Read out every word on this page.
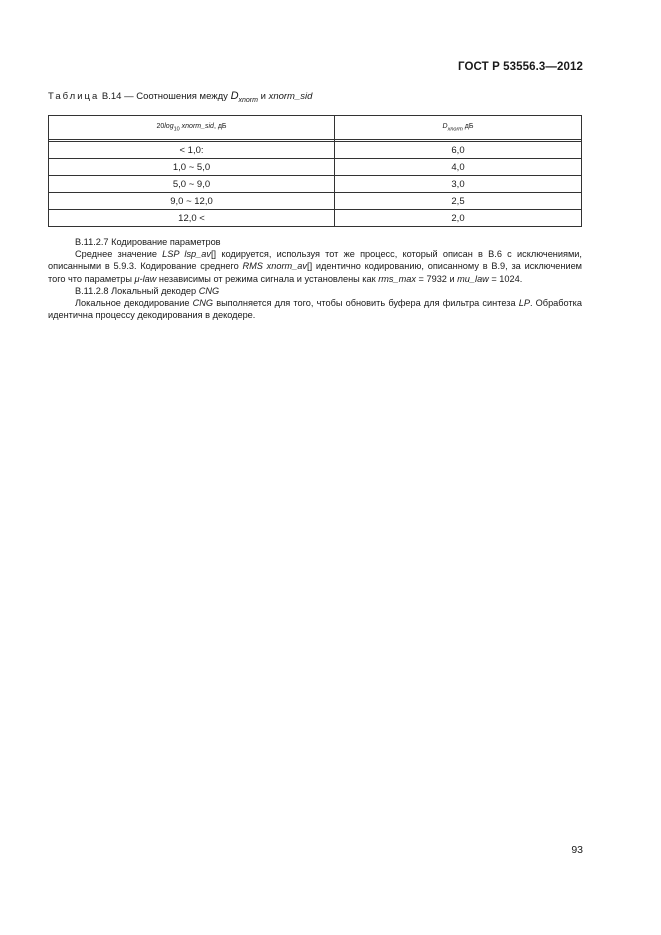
ГОСТ Р 53556.3—2012
Таблица В.14 — Соотношения между $D_{xnorm}$ и xnorm_sid
$20\log_{10}$ xnorm_sid, дБ	$D_{xnorm}$ дБ

< 1,0:	6,0
1,0 ~ 5,0	4,0
5,0 ~ 9,0	3,0
9,0 ~ 12,0	2,5
12,0 <	2,0

В.11.2.7 Кодирование параметров

Среднее значение LSP lsp_av[] кодируется, используя тот же процесс, который описан в В.6 с исключениями, описанными в 5.9.3. Кодирование среднего RMS xnorm_av[] идентично кодированию, описанному в В.9, за исключением того что параметры μ-law независимы от режима сигнала и установлены как rms_max = 7932 и mu_law = 1024.

В.11.2.8 Локальный декодер CNG

Локальное декодирование CNG выполняется для того, чтобы обновить буфера для фильтра синтеза LP. Обработка идентична процессу декодирования в декодере.

93
